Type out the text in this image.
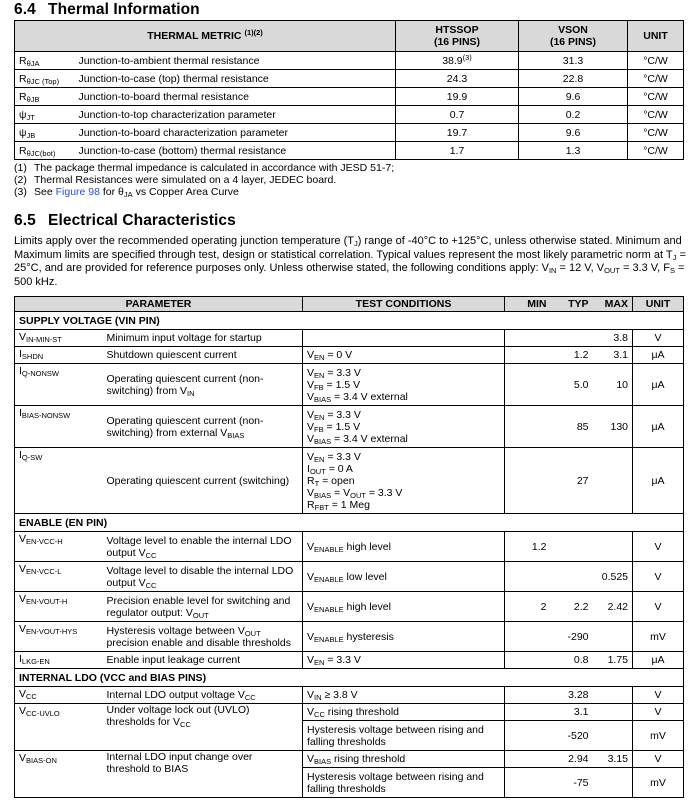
6.4 Thermal Information
THERMAL METRIC $^{(1)(2)}$	HTSSOP
(16 PINS)

VSON
(16 PINS)	UNIT
$R_{\theta JA}$	Junction-to-ambient thermal resistance	38.9$^{(3)}$	31.3	°C/W
$R_{\theta JC (Top)}$	Junction-to-case (top) thermal resistance	24.3	22.8	°C/W
$R_{\theta JB}$	Junction-to-board thermal resistance	19.9	9.6	°C/W
$\psi_{JT}$	Junction-to-top characterization parameter	0.7	0.2	°C/W
$\psi_{JB}$	Junction-to-board characterization parameter	19.7	9.6	°C/W
$R_{\theta JC(bot)}$	Junction-to-case (bottom) thermal resistance	1.7	1.3	°C/W
(1) The package thermal impedance is calculated in accordance with JESD 51-7;
(2) Thermal Resistances were simulated on a 4 layer, JEDEC board.
(3) See Figure 98 for $\theta_{JA}$ vs Copper Area Curve
6.5 Electrical Characteristics
Limits apply over the recommended operating junction temperature $(T_J)$ range of -40°C to +125°C, unless otherwise stated. Minimum and Maximum limits are specified through test, design or statistical correlation. Typical values represent the most likely parametric norm at $T_J = 25^\circ C$, and are provided for reference purposes only. Unless otherwise stated, the following conditions apply: $V_{IN} = 12$ V, $V_{OUT} = 3.3$ V, $F_S = 500$ kHz.
PARAMETER		TEST CONDITIONS	MIN	TYP	MAX	UNIT
SUPPLY VOLTAGE (VIN PIN)						
$V_{IN-MIN-ST}$	Minimum input voltage for startup				3.8	V
$I_{SHDN}$	Shutdown quiescent current	$V_{EN} = 0$ V		1.2	3.1	μA
$I_{Q-NONSW}$	Operating quiescent current (non-switching) from $V_{IN}$	$V_{EN} = 3.3$ V
$V_{FB} = 1.5$ V
$V_{BIAS} = 3.4$ V external		5.0	10	μA
$I_{BIAS-NONSW}$	Operating quiescent current (non-switching) from external $V_{BIAS}$	$V_{EN} = 3.3$ V
$V_{FB} = 1.5$ V
$V_{BIAS} = 3.4$ V external		85	130	μA
$I_{Q-SW}$	Operating quiescent current (switching)	$V_{EN} = 3.3$ V
$I_{OUT} = 0$ A
$R_T$ = open
$V_{BIAS} = V_{OUT} = 3.3$ V
$R_{FBT} = 1$ Meg		27		μA
ENABLE (EN PIN)						
$V_{EN-VCC-H}$	Voltage level to enable the internal LDO output $V_{CC}$	$V_{ENABLE}$ high level	1.2			V
$V_{EN-VCC-L}$	Voltage level to disable the internal LDO output $V_{CC}$	$V_{ENABLE}$ low level			0.525	V
$V_{EN-VOUT-H}$	Precision enable level for switching and regulator output: $V_{OUT}$	$V_{ENABLE}$ high level	2	2.2	2.42	V
$V_{EN-VOUT-HYS}$	Hysteresis voltage between $V_{OUT}$ precision enable and disable thresholds	$V_{ENABLE}$ hysteresis		-290		mV
$I_{LKG-EN}$	Enable input leakage current	$V_{EN} = 3.3$ V		0.8	1.75	μA
INTERNAL LDO (VCC and BIAS PINS)						
$V_{CC}$	Internal LDO output voltage $V_{CC}$	$V_{IN} \ge 3.8$ V		3.28		V
$V_{CC-UVLO}$	Under voltage lock out (UVLO) thresholds for $V_{CC}$	$V_{CC}$ rising threshold		3.1		V
		Hysteresis voltage between rising and falling thresholds		-520		mV
$V_{BIAS-ON}$	Internal LDO input change over threshold to BIAS	$V_{BIAS}$ rising threshold		2.94	3.15	V
		Hysteresis voltage between rising and falling thresholds		-75		mV
